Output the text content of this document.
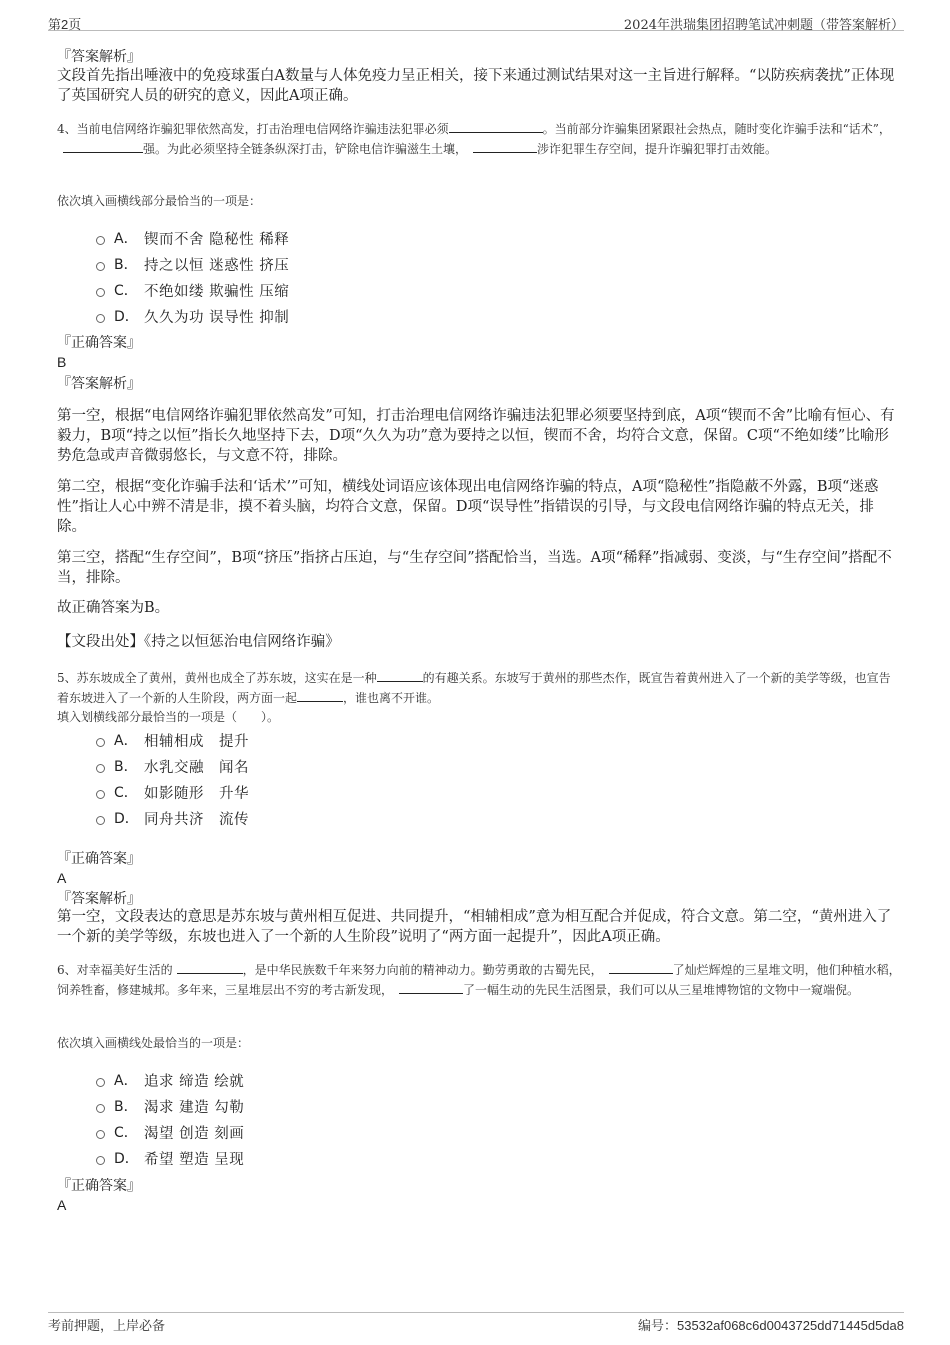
第2页	2024年洪瑞集团招聘笔试冲刺题（带答案解析）
『答案解析』
文段首先指出唾液中的免疫球蛋白A数量与人体免疫力呈正相关，接下来通过测试结果对这一主旨进行解释。“以防疾病袭扰”正体现了英国研究人员的研究的意义，因此A项正确。
4、当前电信网络诈骗犯罪依然高发，打击治理电信网络诈骗违法犯罪必须	。当前部分诈骗集团紧跟社会热点，随时变化诈骗手法和“话术”，强。为此必须坚持全链条纵深打击，铲除电信诈骗滋生土壤，	涉诈犯罪生存空间，提升诈骗犯罪打击效能。
依次填入画横线部分最恰当的一项是：
A． 锲而不舍 隐秘性 稀释
B． 持之以恒 迷惑性 挤压
C． 不绝如缕 欺骗性 压缩
D． 久久为功 误导性 抑制
『正确答案』
B
『答案解析』
第一空，根据“电信网络诈骗犯罪依然高发”可知，打击治理电信网络诈骗违法犯罪必须要坚持到底，A项“锲而不舍”比喻有恒心、有毅力，B项“持之以恒”指长久地坚持下去，D项“久久为功”意为要持之以恒，锲而不舍，均符合文意，保留。C项“不绝如缕”比喻形势危急或声音微弱悠长，与文意不符，排除。
第二空，根据“变化诈骗手法和‘话术’”可知，横线处词语应该体现出电信网络诈骗的特点，A项“隐秘性”指隐蔽不外露，B项“迷惑性”指让人心中辨不清是非，摸不着头脑，均符合文意，保留。D项“误导性”指错误的引导，与文段电信网络诈骗的特点无关，排除。
第三空，搭配“生存空间”，B项“挤压”指挤占压迫，与“生存空间”搭配恰当，当选。A项“稀释”指减弱、变淡，与“生存空间”搭配不当，排除。
故正确答案为B。
【文段出处】《持之以恒惩治电信网络诈骗》
5、苏东坡成全了黄州，黄州也成全了苏东坡，这实在是一种	的有趣关系。东坡写于黄州的那些杰作，既宣告着黄州进入了一个新的美学等级，也宣告着东坡进入了一个新的人生阶段，两方面一起	，谁也离不开谁。
填入划横线部分最恰当的一项是（　　）。
A． 相辅相成　提升
B． 水乳交融　闻名
C． 如影随形　升华
D． 同舟共济　流传
『正确答案』
A
『答案解析』
第一空，文段表达的意思是苏东坡与黄州相互促进、共同提升，“相辅相成”意为相互配合并促成，符合文意。第二空，“黄州进入了一个新的美学等级，东坡也进入了一个新的人生阶段”说明了“两方面一起提升”，因此A项正确。
6、对幸福美好生活的	，是中华民族数千年来努力向前的精神动力。勤劳勇敢的古蜀先民，	了灿烂辉煌的三星堆文明，他们种植水稻，饲养牲畜，修建城邦。多年来，三星堆层出不穷的考古新发现，	了一幅生动的先民生活图景，我们可以从三星堆博物馆的文物中一窥端倪。
依次填入画横线处最恰当的一项是：
A． 追求 缔造 绘就
B． 渴求 建造 勾勒
C． 渴望 创造 刻画
D． 希望 塑造 呈现
『正确答案』
A
考前押题，上岸必备	编号：53532af068c6d0043725dd71445d5da8
